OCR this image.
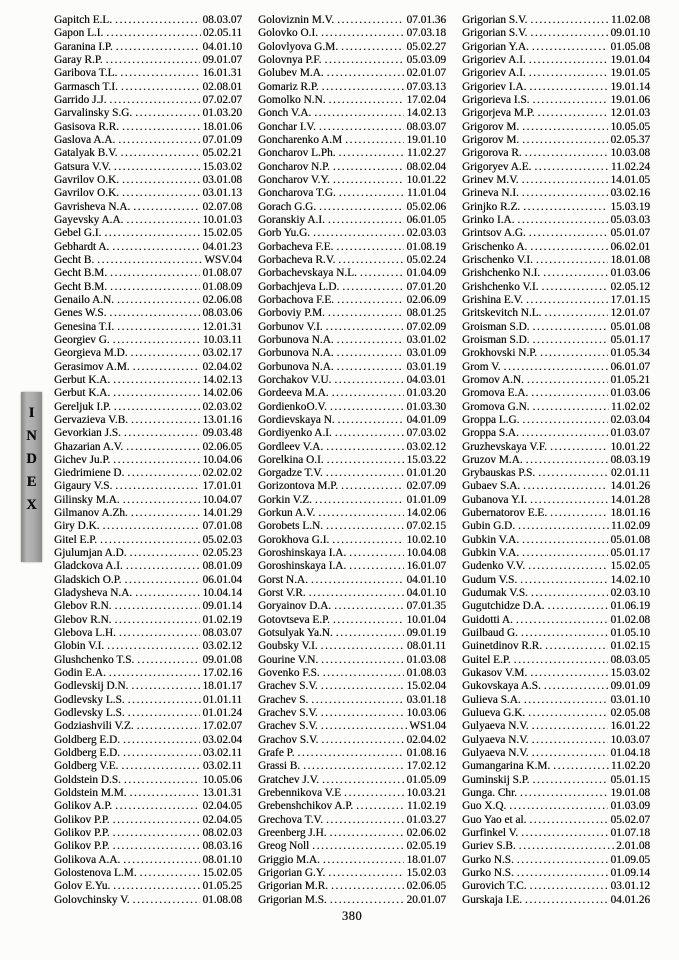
I
N
D
E
X
Gapitch E.L. .....	08.03.07
Gapon L.I. .....	02.05.11
Garanina I.P. .....	04.01.10
Garay R.P. .....	09.01.07
Garibova T.L. .....	16.01.31
Garmasch T.I. .....	02.08.01
Garrido J.J. .....	07.02.07
Garvalinsky S.G. .....	01.03.20
Gasisova R.R. .....	18.01.06
Gaslova A.A. .....	07.01.09
Gatalyak B.V. .....	05.02.21
Gatsura V.V. .....	15.03.02
Gavrilov O.K. .....	03.01.08
Gavrilov O.K. .....	03.01.13
Gavrisheva N.A. .....	02.07.08
Gayevsky A.A. .....	10.01.03
Gebel G.I. .....	15.02.05
Gebhardt A. .....	04.01.23
Gecht B. .....	WSV.04
Gecht B.M. .....	01.08.07
Gecht B.M. .....	01.08.09
Genailo A.N. .....	02.06.08
Genes W.S. .....	08.03.06
Genesina T.I. .....	12.01.31
Georgiev G. .....	10.03.11
Georgieva M.D. .....	03.02.17
Gerasimov A.M. .....	02.04.02
Gerbut K.A. .....	14.02.13
Gerbut K.A. .....	14.02.06
Gereljuk I.P. .....	02.03.02
Gervazieva V.B. .....	13.01.16
Gevorkian J.S. .....	09.03.48
Ghazarian A.V. .....	02.06.05
Gichev Ju.P. .....	10.04.06
Giedrimiene D. .....	02.02.02
Gigaury V.S. .....	17.01.01
Gilinsky M.A. .....	10.04.07
Gilmanov A.Zh. .....	14.01.29
Giry D.K. .....	07.01.08
Gitel E.P. .....	05.02.03
Gjulumjan A.D. .....	02.05.23
Gladckova A.I. .....	08.01.09
Gladskich O.P. .....	06.01.04
Gladysheva N.A. .....	10.04.14
Glebov R.N. .....	09.01.14
Glebov R.N. .....	01.02.19
Glebova L.H. .....	08.03.07
Globin V.I. .....	03.02.12
Glushchenko T.S. .....	09.01.08
Godin E.A. .....	17.02.16
Godlevskij D.N. .....	18.01.17
Godlevsky L.S. .....	01.01.11
Godlevsky L.S. .....	01.01.24
Godziashvili V.Z. .....	17.02.07
Goldberg E.D. .....	03.02.04
Goldberg E.D. .....	03.02.11
Goldberg V.E. .....	03.02.11
Goldstein D.S. .....	10.05.06
Goldstein M.M. .....	13.01.31
Golikov A.P. .....	02.04.05
Golikov P.P. .....	02.04.05
Golikov P.P. .....	08.02.03
Golikov P.P. .....	08.03.16
Golikova A.A. .....	08.01.10
Golostenova L.M. .....	15.02.05
Golov E.Yu. .....	01.05.25
Golovchinsky V. .....	01.08.08
Goloviznin M.V. .....	07.01.36
Golovko O.I. .....	07.03.18
Golovlyova G.M. .....	05.02.27
Golovnya P.F. .....	05.03.09
Golubev M.A. .....	02.01.07
Gomariz R.P. .....	07.03.13
Gomolko N.N. .....	17.02.04
Gonch V.A. .....	14.02.13
Gonchar I.V. .....	08.03.07
Goncharenko A.M .....	19.01.10
Goncharov L.Ph. .....	11.02.27
Goncharov N.P. .....	08.02.04
Goncharov V.Y. .....	10.01.22
Goncharova T.G. .....	11.01.04
Gorach G.G. .....	05.02.06
Goranskiy A.I. .....	06.01.05
Gorb Yu.G. .....	02.03.03
Gorbacheva F.E. .....	01.08.19
Gorbacheva R.V. .....	05.02.24
Gorbachevskaya N.L. .....	01.04.09
Gorbachjeva L.D. .....	07.01.20
Gorbachova F.E. .....	02.06.09
Gorboviy P.M. .....	08.01.25
Gorbunov V.I. .....	07.02.09
Gorbunova N.A. .....	03.01.02
Gorbunova N.A. .....	03.01.09
Gorbunova N.A. .....	03.01.19
Gorchakov V.U. .....	04.03.01
Gordeeva M.A. .....	01.03.20
GordienkoO.V. .....	01.03.30
Gordievskaya N. .....	04.01.09
Gordiyenko A.I. .....	07.03.02
Gordleev V.A. .....	03.02.12
Gorelkina O.I. .....	15.03.22
Gorgadze T.V. .....	01.01.20
Gorizontova M.P. .....	02.07.09
Gorkin V.Z. .....	01.01.09
Gorkun A.V. .....	14.02.06
Gorobets L.N. .....	07.02.15
Gorokhova G.I. .....	10.02.10
Goroshinskaya I.A. .....	10.04.08
Goroshinskaya I.A. .....	16.01.07
Gorst N.A. .....	04.01.10
Gorst V.R. .....	04.01.10
Goryainov D.A. .....	07.01.35
Gotovtseva E.P. .....	10.01.04
Gotsulyak Ya.N. .....	09.01.19
Goubsky V.I. .....	08.01.11
Gourine V.N. .....	01.03.08
Govenko F.S. .....	01.08.03
Grachev S.V. .....	15.02.04
Grachev S. .....	03.01.18
Grachev S.V. .....	10.03.06
Grachev S.V. .....	WS1.04
Grachov S.V. .....	02.04.02
Grafe P. .....	01.08.16
Grassi B. .....	17.02.12
Gratchev J.V. .....	01.05.09
Grebennikova V.E .....	10.03.21
Grebenshchikov A.P. .....	11.02.19
Grechova T.V. .....	01.03.27
Greenberg J.H. .....	02.06.02
Greog Noll .....	02.05.19
Griggio M.A. .....	18.01.07
Grigorian G.Y. .....	15.02.03
Grigorian M.R. .....	02.06.05
Grigorian M.S. .....	20.01.07
Grigorian S.V. .....	11.02.08
Grigorian S.V. .....	09.01.10
Grigorian Y.A. .....	01.05.08
Grigoriev A.I. .....	19.01.04
Grigoriev A.I. .....	19.01.05
Grigoriev I.A. .....	19.01.14
Grigorieva I.S. .....	19.01.06
Grigorjeva M.P. .....	12.01.03
Grigorov M. .....	10.05.05
Grigorov M. .....	02.05.37
Grigorova R. .....	10.03.08
Grigoryev A.E. .....	11.02.24
Grinev M.V. .....	14.01.05
Grineva N.I. .....	03.02.16
Grinjko R.Z. .....	15.03.19
Grinko I.A. .....	05.03.03
Grintsov A.G. .....	05.01.07
Grischenko A. .....	06.02.01
Grischenko V.I. .....	18.01.08
Grishchenko N.I. .....	01.03.06
Grishchenko V.I. .....	02.05.12
Grishina E.V. .....	17.01.15
Gritskevitch N.L. .....	12.01.07
Groisman S.D. .....	05.01.08
Groisman S.D. .....	05.01.17
Grokhovski N.P. .....	01.05.34
Grom V. .....	06.01.07
Gromov A.N. .....	01.05.21
Gromova E.A. .....	01.03.06
Gromova G.N. .....	11.02.02
Groppa L.G. .....	02.03.04
Groppa S.A. .....	01.03.07
Gruzhevskaya V.F. .....	10.01.22
Gruzov M.A. .....	08.03.19
Grybauskas P.S. .....	02.01.11
Gubaev S.A. .....	14.01.26
Gubanova Y.I. .....	14.01.28
Gubernatorov E.E. .....	18.01.16
Gubin G.D. .....	11.02.09
Gubkin V.A. .....	05.01.08
Gubkin V.A. .....	05.01.17
Gudenko V.V. .....	15.02.05
Gudum V.S. .....	14.02.10
Gudumak V.S. .....	02.03.10
Gugutchidze D.A. .....	01.06.19
Guidotti A. .....	01.02.08
Guilbaud G. .....	01.05.10
Guinetdinov R.R. .....	01.02.15
Guitel E.P. .....	08.03.05
Gukasov V.M. .....	15.03.02
Gukovskaya A.S. .....	09.01.09
Gulieva S.A. .....	03.01.10
Gulueva G.K. .....	02.05.08
Gulyaeva N.V. .....	16.01.22
Gulyaeva N.V. .....	10.03.07
Gulyaeva N.V. .....	01.04.18
Gumangarina K.M. .....	11.02.20
Guminskij S.P. .....	05.01.15
Gunga. Chr. .....	19.01.08
Guo X.Q. .....	01.03.09
Guo Yao et al. .....	05.02.07
Gurfinkel V. .....	01.07.18
Guriev S.B. .....	2.01.08
Gurko N.S. .....	01.09.05
Gurko N.S. .....	01.09.14
Gurovich T.C. .....	03.01.12
Gurskaja I.E. .....	04.01.26
380
